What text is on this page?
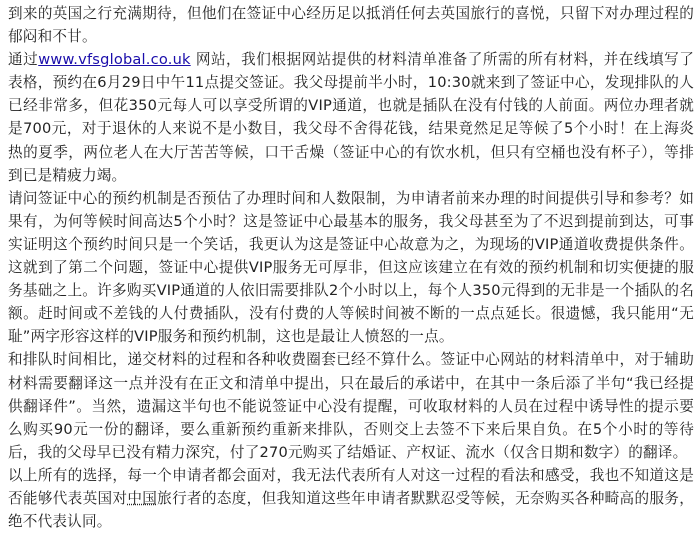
到来的英国之行充满期待，但他们在签证中心经历足以抵消任何去英国旅行的喜悦，只留下对办理过程的郁闷和不甘。

通过www.vfsglobal.co.uk 网站，我们根据网站提供的材料清单准备了所需的所有材料，并在线填写了表格，预约在6月29日中午11点提交签证。我父母提前半小时，10:30就来到了签证中心，发现排队的人已经非常多，但花350元每人可以享受所谓的VIP通道，也就是插队在没有付钱的人前面。两位办理者就是700元，对于退休的人来说不是小数目，我父母不舍得花钱，结果竟然足足等候了5个小时！在上海炎热的夏季，两位老人在大厅苦苦等候，口干舌燥（签证中心的有饮水机，但只有空桶也没有杯子），等排到已是精疲力竭。

请问签证中心的预约机制是否预估了办理时间和人数限制，为申请者前来办理的时间提供引导和参考？如果有，为何等候时间高达5个小时？这是签证中心最基本的服务，我父母甚至为了不迟到提前到达，可事实证明这个预约时间只是一个笑话，我更认为这是签证中心故意为之，为现场的VIP通道收费提供条件。这就到了第二个问题，签证中心提供VIP服务无可厚非，但这应该建立在有效的预约机制和切实便捷的服务基础之上。许多购买VIP通道的人依旧需要排队2个小时以上，每个人350元得到的无非是一个插队的名额。赶时间或不差钱的人付费插队，没有付费的人等候时间被不断的一点点延长。很遗憾，我只能用“无耻”两字形容这样的VIP服务和预约机制，这也是最让人愤怒的一点。

和排队时间相比，递交材料的过程和各种收费圈套已经不算什么。签证中心网站的材料清单中，对于辅助材料需要翻译这一点并没有在正文和清单中提出，只在最后的承诺中，在其中一条后添了半句“我已经提供翻译件”。当然，遗漏这半句也不能说签证中心没有提醒，可收取材料的人员在过程中诱导性的提示要么购买90元一份的翻译，要么重新预约重新来排队，否则交上去签不下来后果自负。在5个小时的等待后，我的父母早已没有精力深究，付了270元购买了结婚证、产权证、流水（仅含日期和数字）的翻译。

以上所有的选择，每一个申请者都会面对，我无法代表所有人对这一过程的看法和感受，我也不知道这是否能够代表英国对中国旅行者的态度，但我知道这些年申请者默默忍受等候，无奈购买各种畸高的服务，绝不代表认同。
